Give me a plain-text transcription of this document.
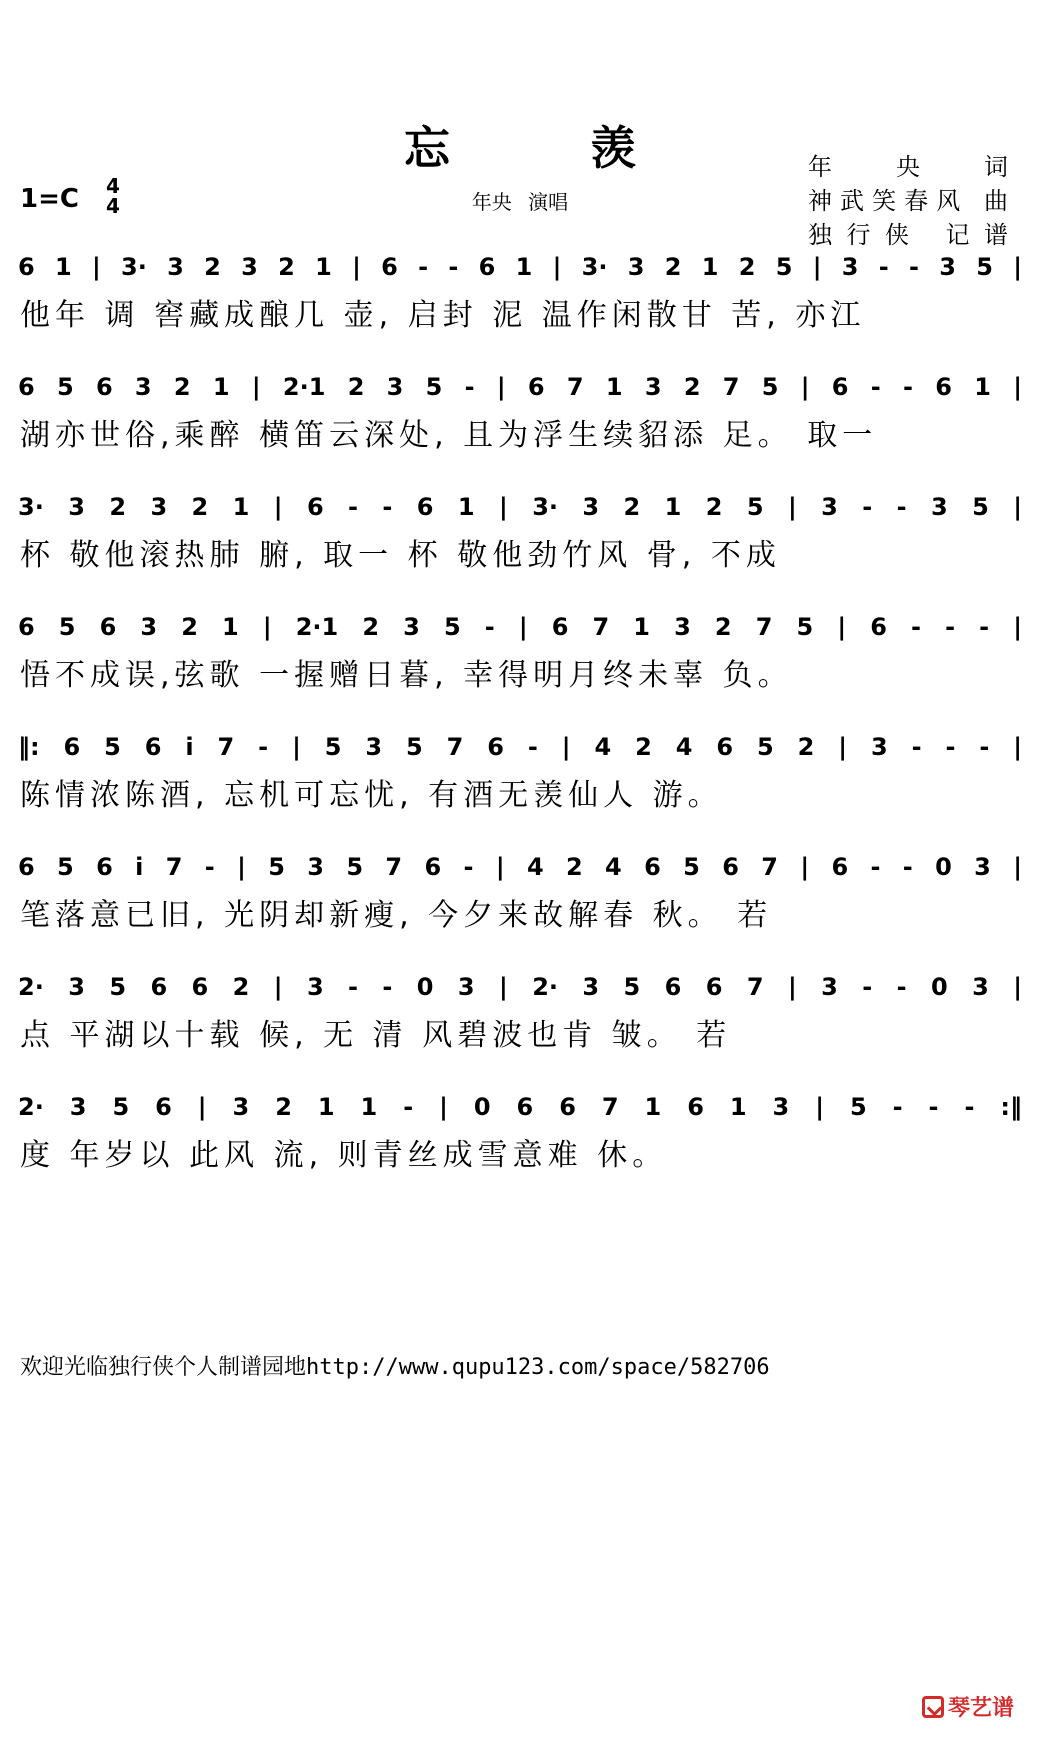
忘 羡
年央 演唱
1=C	4
4
年 央 词
神武笑春风 曲
独行侠 记谱
6 1 | 3· 3 2 3 2 1 | 6 - - 6 1 | 3· 3 2 1 2 5 | 3 - - 3 5 |
他年 调 窖藏成酿几 壶, 启封 泥 温作闲散甘 苦, 亦江
6 5 6 3 2 1 | 2·1 2 3 5 - | 6 7 1 3 2 7 5 | 6 - - 6 1 |
湖亦世俗,乘醉 横笛云深处, 且为浮生续貂添 足。 取一
3· 3 2 3 2 1 | 6 - - 6 1 | 3· 3 2 1 2 5 | 3 - - 3 5 |
杯 敬他滚热肺 腑, 取一 杯 敬他劲竹风 骨, 不成
6 5 6 3 2 1 | 2·1 2 3 5 - | 6 7 1 3 2 7 5 | 6 - - - |
悟不成误,弦歌 一握赠日暮, 幸得明月终未辜 负。
‖: 6 5 6 i 7 - | 5 3 5 7 6 - | 4 2 4 6 5 2 | 3 - - - |
陈情浓陈酒, 忘机可忘忧, 有酒无羡仙人 游。
6 5 6 i 7 - | 5 3 5 7 6 - | 4 2 4 6 5 6 7 | 6 - - 0 3 |
笔落意已旧, 光阴却新瘦, 今夕来故解春 秋。 若
2· 3 5 6 6 2 | 3 - - 0 3 | 2· 3 5 6 6 7 | 3 - - 0 3 |
点 平湖以十载 候, 无 清 风碧波也肯 皱。 若
2· 3 5 6 | 3 2 1 1 - | 0 6 6 7 1 6 1 3 | 5 - - - :‖
度 年岁以 此风 流, 则青丝成雪意难 休。
欢迎光临独行侠个人制谱园地http://www.qupu123.com/space/582706
琴艺谱
